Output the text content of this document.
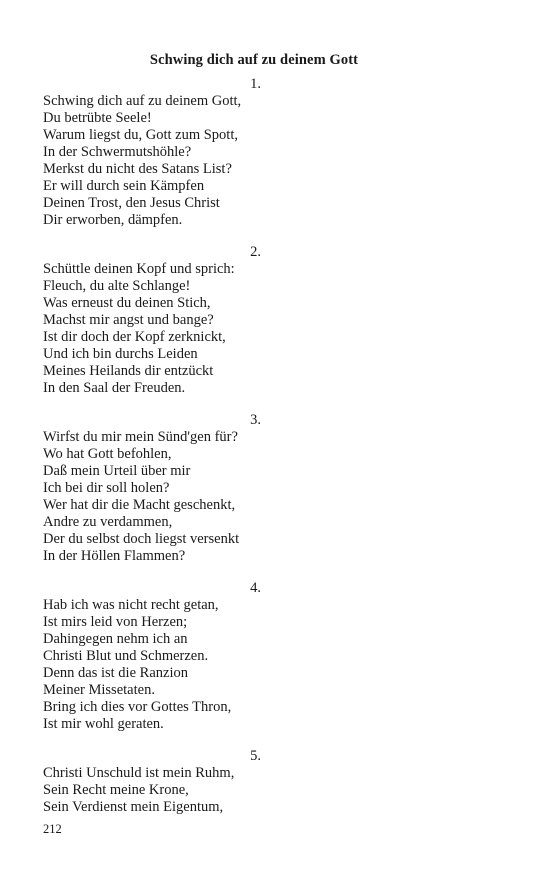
Schwing dich auf zu deinem Gott
1.
Schwing dich auf zu deinem Gott,
Du betrübte Seele!
Warum liegst du, Gott zum Spott,
In der Schwermutshöhle?
Merkst du nicht des Satans List?
Er will durch sein Kämpfen
Deinen Trost, den Jesus Christ
Dir erworben, dämpfen.
2.
Schüttle deinen Kopf und sprich:
Fleuch, du alte Schlange!
Was erneust du deinen Stich,
Machst mir angst und bange?
Ist dir doch der Kopf zerknickt,
Und ich bin durchs Leiden
Meines Heilands dir entzückt
In den Saal der Freuden.
3.
Wirfst du mir mein Sünd'gen für?
Wo hat Gott befohlen,
Daß mein Urteil über mir
Ich bei dir soll holen?
Wer hat dir die Macht geschenkt,
Andre zu verdammen,
Der du selbst doch liegst versenkt
In der Höllen Flammen?
4.
Hab ich was nicht recht getan,
Ist mirs leid von Herzen;
Dahingegen nehm ich an
Christi Blut und Schmerzen.
Denn das ist die Ranzion
Meiner Missetaten.
Bring ich dies vor Gottes Thron,
Ist mir wohl geraten.
5.
Christi Unschuld ist mein Ruhm,
Sein Recht meine Krone,
Sein Verdienst mein Eigentum,
212
